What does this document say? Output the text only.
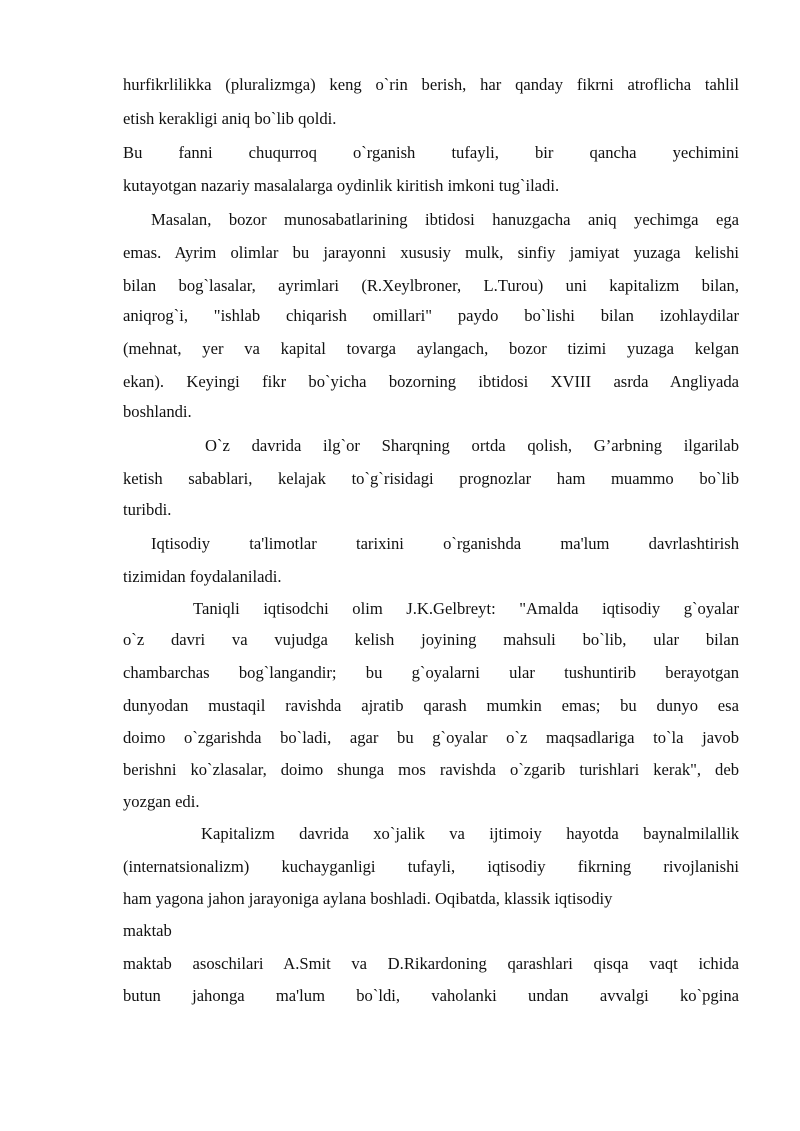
hurfikrlilikka (pluralizmga) keng o`rin berish, har qanday fikrni atroflicha tahlil
etish kerakligi aniq bo`lib qoldi.
Bu fanni chuqurroq o`rganish tufayli, bir qancha yechimini
kutayotgan nazariy masalalarga oydinlik kiritish imkoni tug`iladi.
Masalan, bozor munosabatlarining ibtidosi hanuzgacha aniq yechimga ega
emas. Ayrim olimlar bu jarayonni xususiy mulk, sinfiy jamiyat yuzaga kelishi
bilan bog`lasalar, ayrimlari (R.Xeylbroner, L.Turou) uni kapitalizm bilan,
aniqrog`i, "ishlab chiqarish omillari" paydo bo`lishi bilan izohlaydilar
(mehnat, yer va kapital tovarga aylangach, bozor tizimi yuzaga kelgan
ekan). Keyingi fikr bo`yicha bozorning ibtidosi XVIII asrda Angliyada
boshlandi.
O`z davrida ilg`or Sharqning ortda qolish, G’arbning ilgarilab
ketish sabablari, kelajak to`g`risidagi prognozlar ham muammo bo`lib
turibdi.
Iqtisodiy ta'limotlar tarixini o`rganishda ma'lum davrlashtirish
tizimidan foydalaniladi.
Taniqli iqtisodchi olim J.K.Gelbreyt: "Amalda iqtisodiy g`oyalar
o`z davri va vujudga kelish joyining mahsuli bo`lib, ular bilan
chambarchas bog`langandir; bu g`oyalarni ular tushuntirib berayotgan
dunyodan mustaqil ravishda ajratib qarash mumkin emas; bu dunyo esa
doimo o`zgarishda bo`ladi, agar bu g`oyalar o`z maqsadlariga to`la javob
berishni ko`zlasalar, doimo shunga mos ravishda o`zgarib turishlari kerak", deb
yozgan edi.
Kapitalizm davrida xo`jalik va ijtimoiy hayotda baynalmilallik
(internatsionalizm) kuchayganligi tufayli, iqtisodiy fikrning rivojlanishi
ham yagona jahon jarayoniga aylana boshladi. Oqibatda, klassik iqtisodiy
maktab
maktab asoschilari A.Smit va D.Rikardoning qarashlari qisqa vaqt ichida
butun jahonga ma'lum bo`ldi, vaholanki undan avvalgi ko`pgina
